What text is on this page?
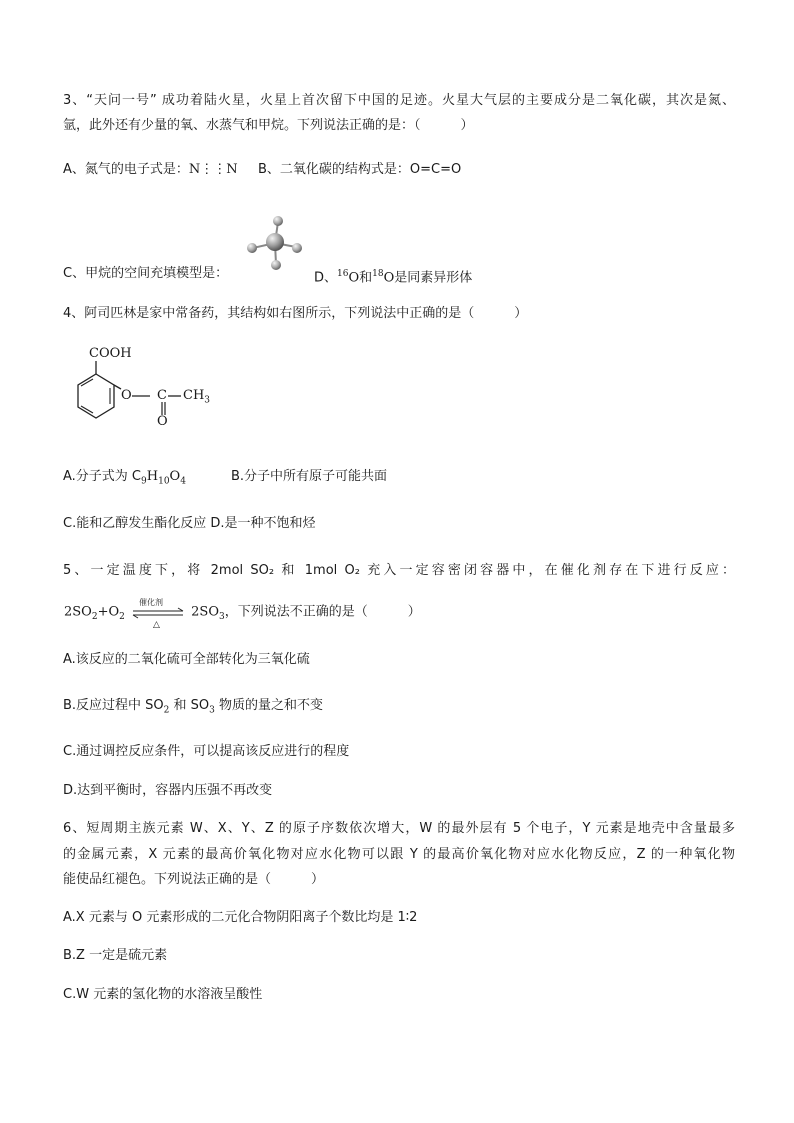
3、“天问一号” 成功着陆火星，火星上首次留下中国的足迹。火星大气层的主要成分是二氧化碳，其次是氮、
氩，此外还有少量的氧、水蒸气和甲烷。下列说法正确的是：（	）
A、氮气的电子式是：N⋮⋮N B、二氧化碳的结构式是：O=C=O
C、甲烷的空间充填模型是：	D、$^{16}$O和$^{18}$O是同素异形体
4、阿司匹林是家中常备药，其结构如右图所示，下列说法中正确的是（	）
COOH
O C $CH_3$
O
A.分子式为 $C_9H_{10}O_4$	B.分子中所有原子可能共面
C.能和乙醇发生酯化反应 D.是一种不饱和烃
5、一定温度下，将 2mol SO₂ 和 1mol O₂ 充入一定容密闭容器中，在催化剂存在下进行反应：
$2SO_2+O_2$
催化剂
△
$2SO_3$，下列说法不正确的是（	）
A.该反应的二氧化硫可全部转化为三氧化硫
B.反应过程中 $SO_2$ 和 $SO_3$ 物质的量之和不变
C.通过调控反应条件，可以提高该反应进行的程度
D.达到平衡时，容器内压强不再改变
6、短周期主族元素 W、X、Y、Z 的原子序数依次增大，W 的最外层有 5 个电子，Y 元素是地壳中含量最多
的金属元素，X 元素的最高价氧化物对应水化物可以跟 Y 的最高价氧化物对应水化物反应，Z 的一种氧化物
能使品红褪色。下列说法正确的是（	）
A.X 元素与 O 元素形成的二元化合物阴阳离子个数比均是 1∶2
B.Z 一定是硫元素
C.W 元素的氢化物的水溶液呈酸性
